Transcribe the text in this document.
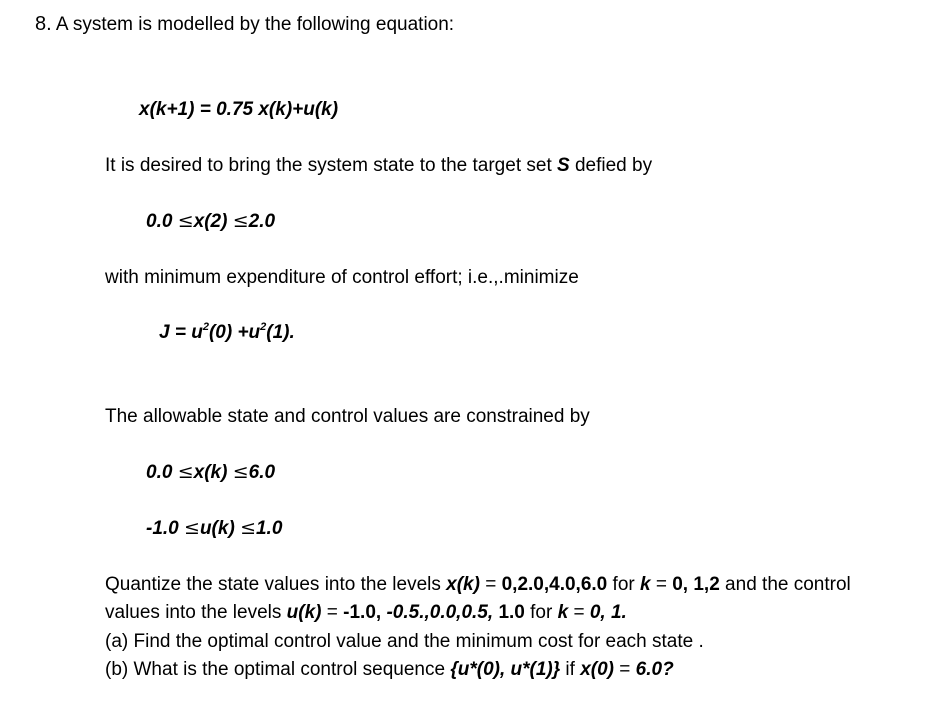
8. A system is modelled by the following equation:
x(k+1) = 0.75 x(k)+u(k)
It is desired to bring the system state to the target set S defied by
0.0 ≤x(2) ≤2.0
with minimum expenditure of control effort; i.e.,.minimize
$J = u^2(0) +u^2(1)$.
The allowable state and control values are constrained by
0.0 ≤x(k) ≤6.0
-1.0 ≤u(k) ≤1.0
Quantize the state values into the levels x(k) = 0,2.0,4.0,6.0 for k = 0, 1,2 and the control
values into the levels u(k) = -1.0, -0.5.,0.0,0.5, 1.0 for k = 0, 1.
(a) Find the optimal control value and the minimum cost for each state .
(b) What is the optimal control sequence {u*(0), u*(1)} if x(0) = 6.0?
